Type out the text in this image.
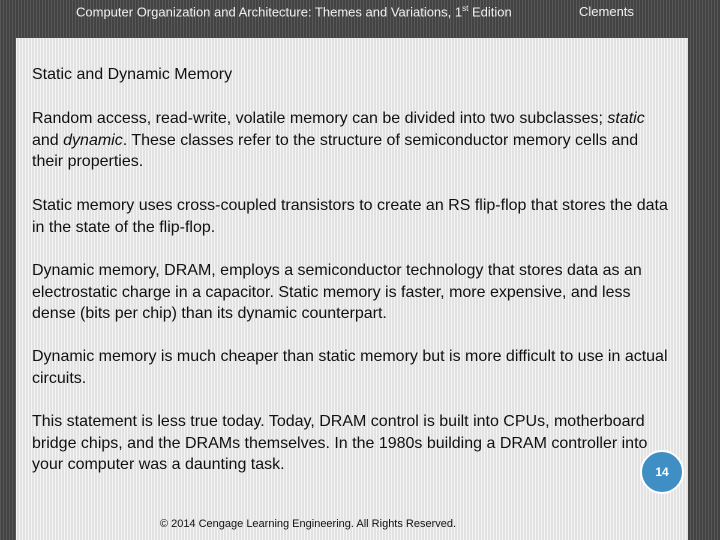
Computer Organization and Architecture: Themes and Variations, 1st Edition	Clements
Static and Dynamic Memory

Random access, read-write, volatile memory can be divided into two subclasses; static and dynamic. These classes refer to the structure of semiconductor memory cells and their properties.

Static memory uses cross-coupled transistors to create an RS flip-flop that stores the data in the state of the flip-flop.

Dynamic memory, DRAM, employs a semiconductor technology that stores data as an electrostatic charge in a capacitor. Static memory is faster, more expensive, and less dense (bits per chip) than its dynamic counterpart.

Dynamic memory is much cheaper than static memory but is more difficult to use in actual circuits.

This statement is less true today. Today, DRAM control is built into CPUs, motherboard bridge chips, and the DRAMs themselves. In the 1980s building a DRAM controller into your computer was a daunting task.	14
© 2014 Cengage Learning Engineering. All Rights Reserved.
